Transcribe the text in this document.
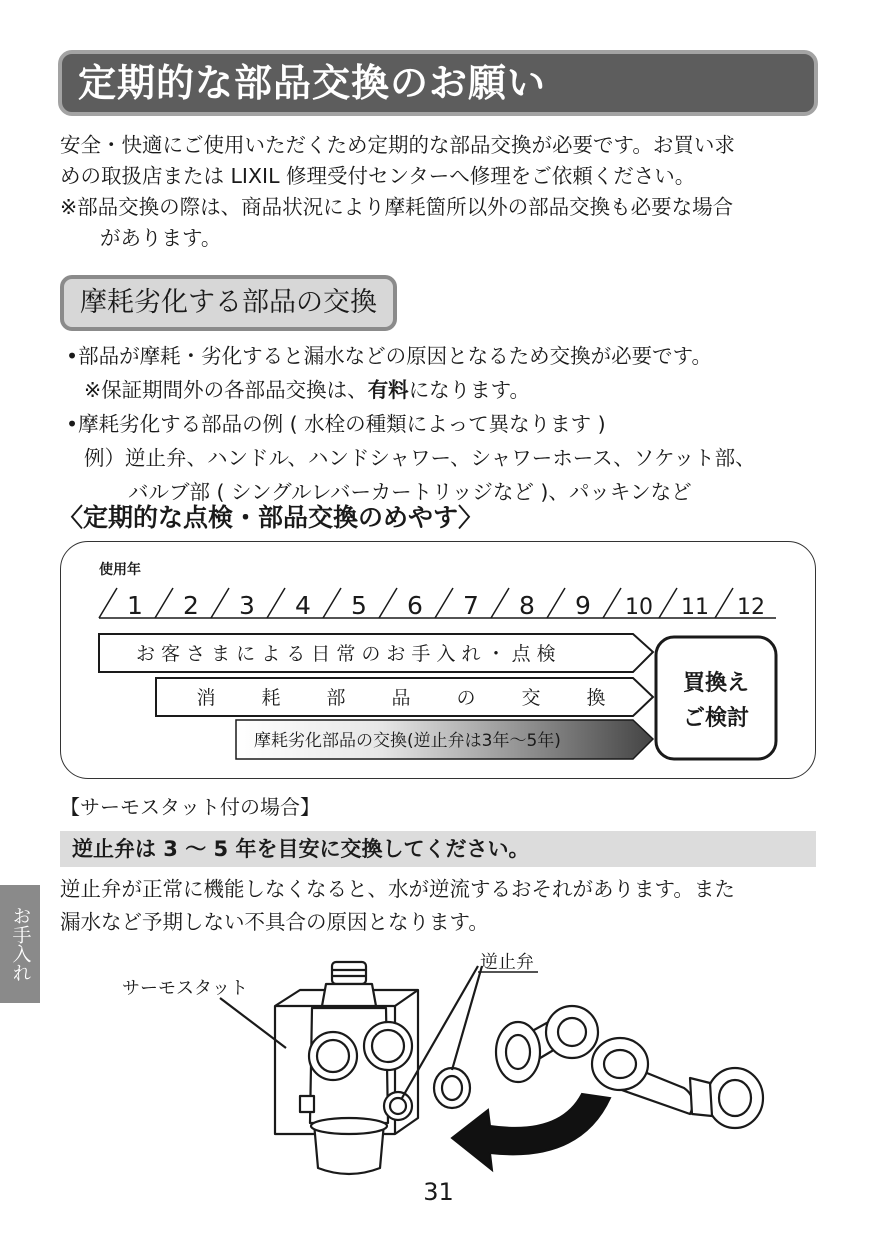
定期的な部品交換のお願い

安全・快適にご使用いただくため定期的な部品交換が必要です。お買い求

めの取扱店または LIXIL 修理受付センターへ修理をご依頼ください。

※部品交換の際は、商品状況により摩耗箇所以外の部品交換も必要な場合
があります。

摩耗劣化する部品の交換
•部品が摩耗・劣化すると漏水などの原因となるため交換が必要です。
※保証期間外の各部品交換は、有料になります。
•摩耗劣化する部品の例 ( 水栓の種類によって異なります )
例）逆止弁、ハンドル、ハンドシャワー、シャワーホース、ソケット部、
バルブ部 ( シングルレバーカートリッジなど )、パッキンなど
〈定期的な点検・部品交換のめやす〉
使用年
1 2 3 4 5 6 7 8 9 10 11 12
お 客 さ ま に よ る 日 常 の お 手 入 れ ・ 点 検
消 耗 部 品 の 交 換
摩耗劣化部品の交換(逆止弁は3年〜5年)
買換え
ご検討
【サーモスタット付の場合】
逆止弁は 3 〜 5 年を目安に交換してください。
逆止弁が正常に機能しなくなると、水が逆流するおそれがあります。また
漏水など予期しない不具合の原因となります。
お手入れ
サーモスタット
逆止弁
31
